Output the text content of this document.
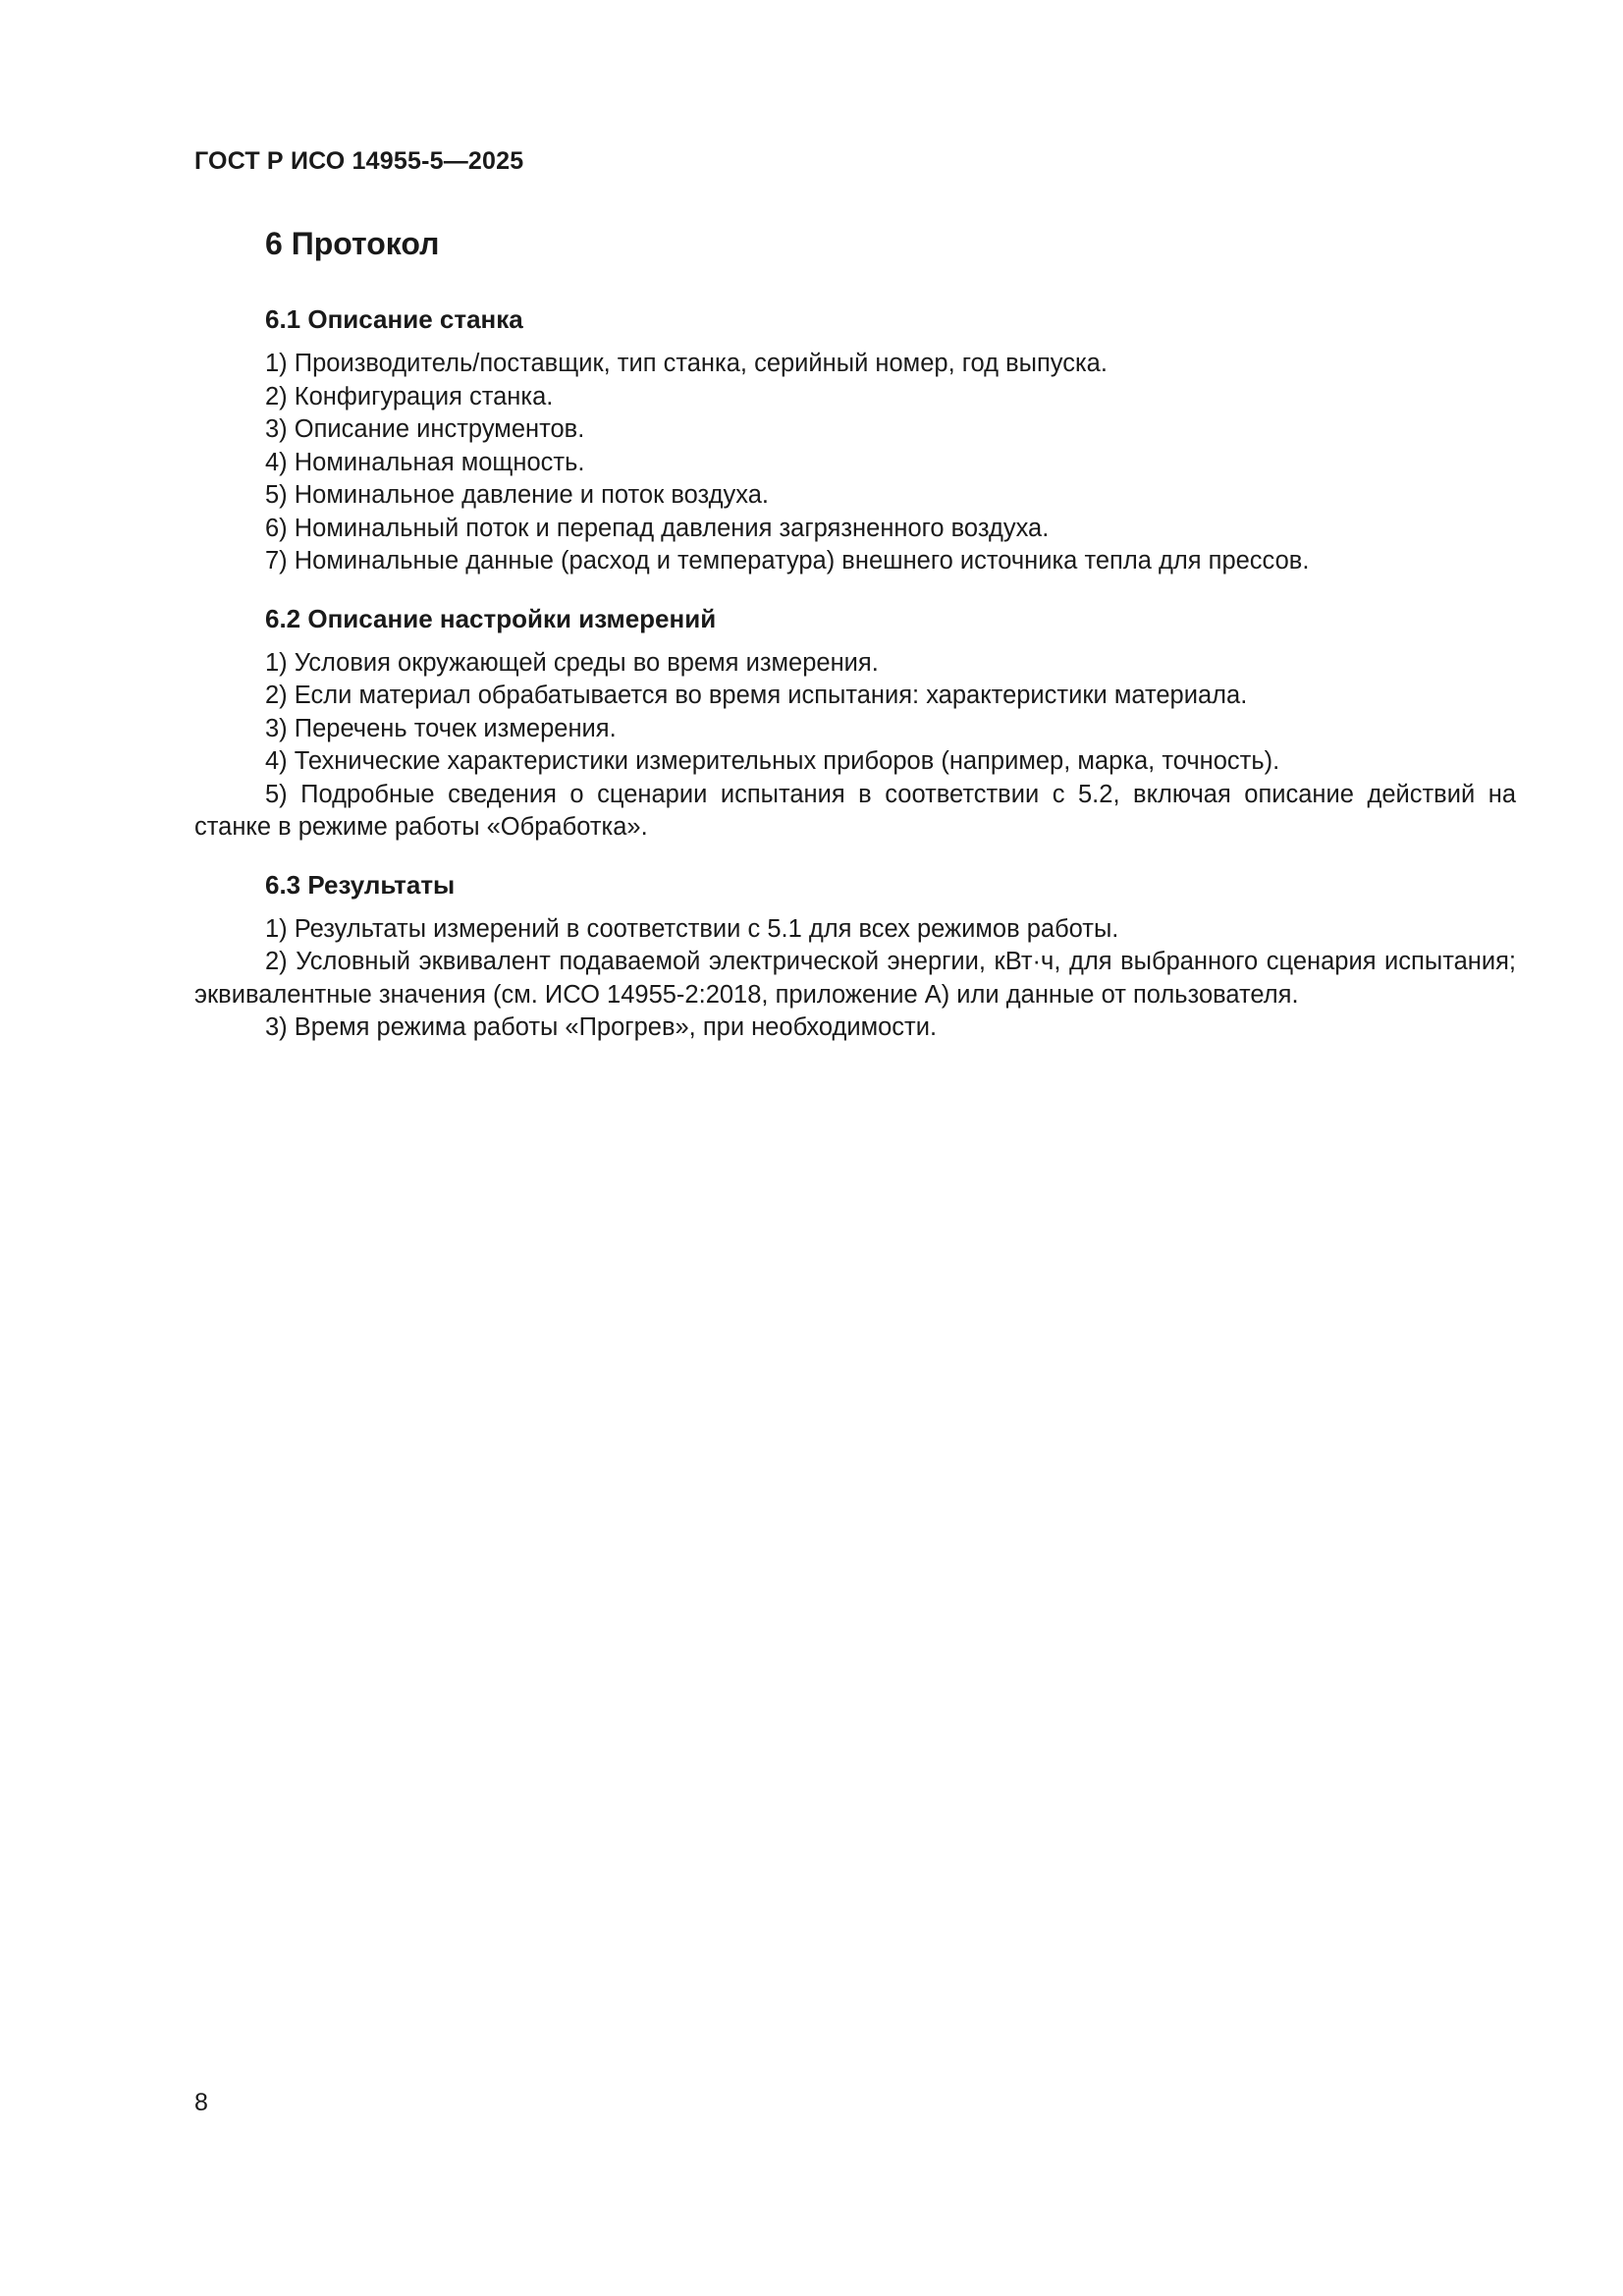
ГОСТ Р ИСО 14955-5—2025
6 Протокол
6.1 Описание станка
1) Производитель/поставщик, тип станка, серийный номер, год выпуска.
2) Конфигурация станка.
3) Описание инструментов.
4) Номинальная мощность.
5) Номинальное давление и поток воздуха.
6) Номинальный поток и перепад давления загрязненного воздуха.
7) Номинальные данные (расход и температура) внешнего источника тепла для прессов.
6.2 Описание настройки измерений
1) Условия окружающей среды во время измерения.
2) Если материал обрабатывается во время испытания: характеристики материала.
3) Перечень точек измерения.
4) Технические характеристики измерительных приборов (например, марка, точность).
5) Подробные сведения о сценарии испытания в соответствии с 5.2, включая описание действий на станке в режиме работы «Обработка».
6.3 Результаты
1) Результаты измерений в соответствии с 5.1 для всех режимов работы.
2) Условный эквивалент подаваемой электрической энергии, кВт·ч, для выбранного сценария испытания; эквивалентные значения (см. ИСО 14955-2:2018, приложение А) или данные от пользователя.
3) Время режима работы «Прогрев», при необходимости.
8
